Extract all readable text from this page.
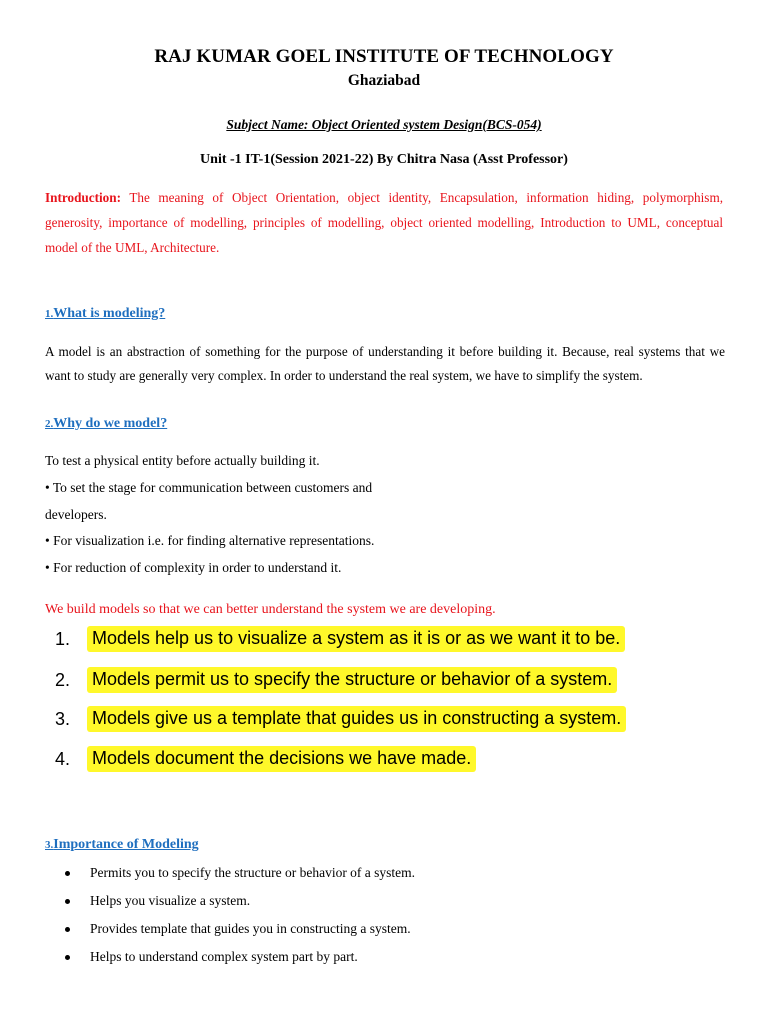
RAJ KUMAR GOEL INSTITUTE OF TECHNOLOGY
Ghaziabad
Subject Name: Object Oriented system Design(BCS-054)
Unit -1 IT-1(Session 2021-22) By Chitra Nasa (Asst Professor)
Introduction: The meaning of Object Orientation, object identity, Encapsulation, information hiding, polymorphism, generosity, importance of modelling, principles of modelling, object oriented modelling, Introduction to UML, conceptual model of the UML, Architecture.
1.What is modeling?
A model is an abstraction of something for the purpose of understanding it before building it. Because, real systems that we want to study are generally very complex. In order to understand the real system, we have to simplify the system.
2.Why do we model?
To test a physical entity before actually building it.
• To set the stage for communication between customers and
developers.
• For visualization i.e. for finding alternative representations.
• For reduction of complexity in order to understand it.
We build models so that we can better understand the system we are developing.
1. Models help us to visualize a system as it is or as we want it to be.
2. Models permit us to specify the structure or behavior of a system.
3. Models give us a template that guides us in constructing a system.
4. Models document the decisions we have made.
3.Importance of Modeling
Permits you to specify the structure or behavior of a system.
Helps you visualize a system.
Provides template that guides you in constructing a system.
Helps to understand complex system part by part.
